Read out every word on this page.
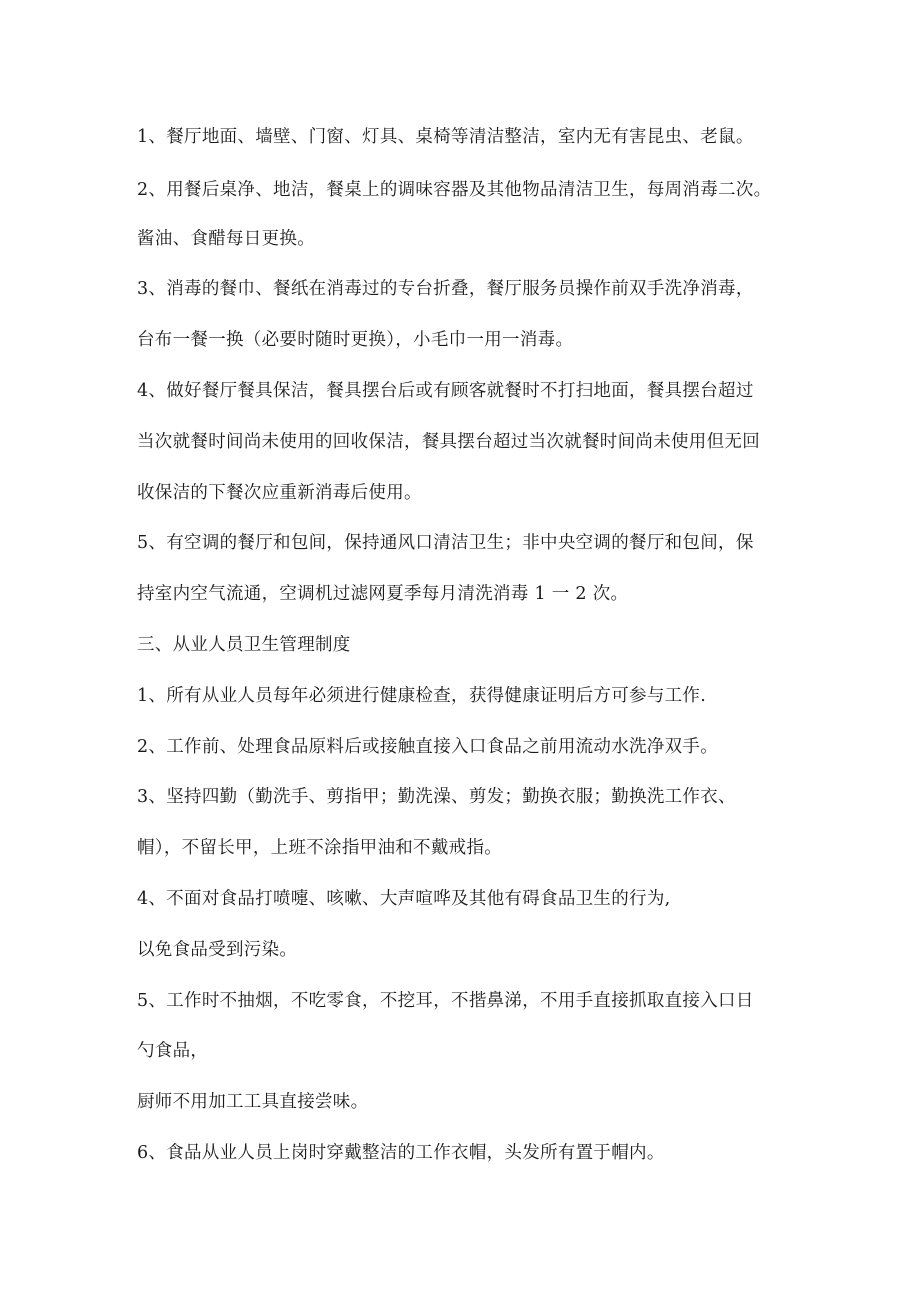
1、餐厅地面、墙壁、门窗、灯具、桌椅等清洁整洁，室内无有害昆虫、老鼠。
2、用餐后桌净、地洁，餐桌上的调味容器及其他物品清洁卫生，每周消毒二次。
酱油、食醋每日更换。
3、消毒的餐巾、餐纸在消毒过的专台折叠，餐厅服务员操作前双手洗净消毒，
台布一餐一换（必要时随时更换），小毛巾一用一消毒。
4、做好餐厅餐具保洁，餐具摆台后或有顾客就餐时不打扫地面，餐具摆台超过
当次就餐时间尚未使用的回收保洁，餐具摆台超过当次就餐时间尚未使用但无回
收保洁的下餐次应重新消毒后使用。
5、有空调的餐厅和包间，保持通风口清洁卫生；非中央空调的餐厅和包间，保
持室内空气流通，空调机过滤网夏季每月清洗消毒 1 一 2 次。
三、从业人员卫生管理制度
1、所有从业人员每年必须进行健康检查，获得健康证明后方可参与工作.
2、工作前、处理食品原料后或接触直接入口食品之前用流动水洗净双手。
3、坚持四勤（勤洗手、剪指甲；勤洗澡、剪发；勤换衣服；勤换洗工作衣、
帽），不留长甲，上班不涂指甲油和不戴戒指。
4、不面对食品打喷嚏、咳嗽、大声喧哗及其他有碍食品卫生的行为,
以免食品受到污染。
5、工作时不抽烟，不吃零食，不挖耳，不揩鼻涕，不用手直接抓取直接入口日
勺食品，
厨师不用加工工具直接尝味。
6、食品从业人员上岗时穿戴整洁的工作衣帽，头发所有置于帽内。
